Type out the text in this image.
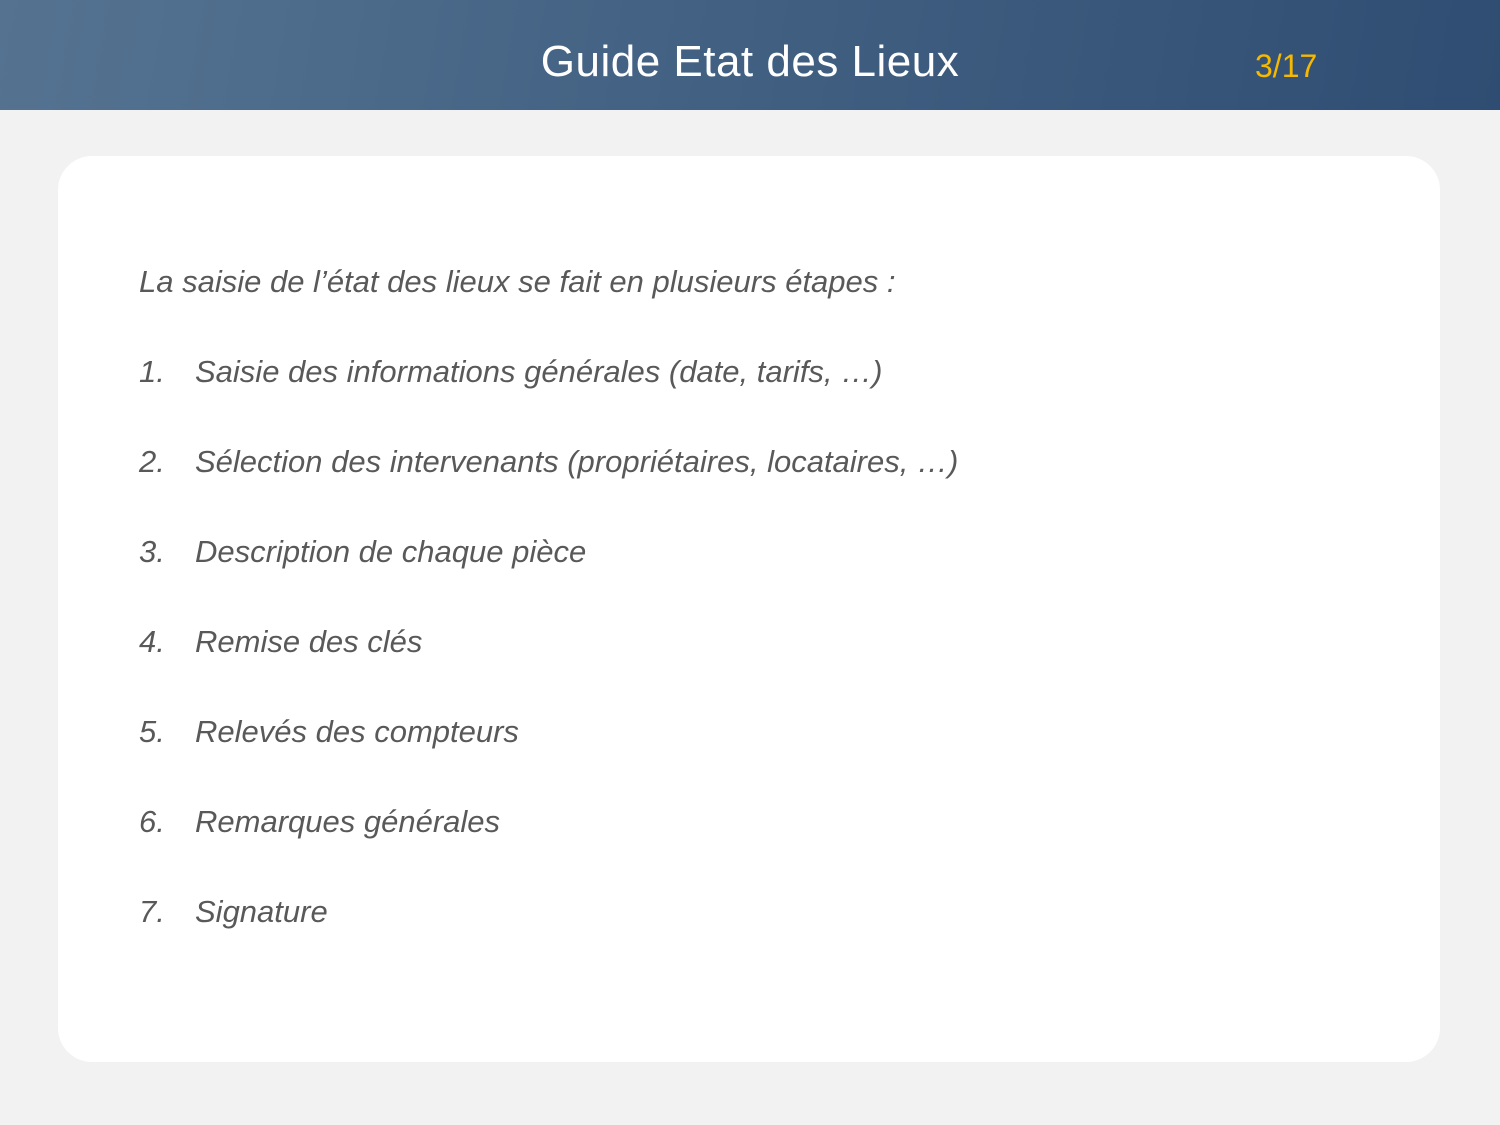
Guide Etat des Lieux	3/17
La saisie de l’état des lieux se fait en plusieurs étapes :
1. Saisie des informations générales (date, tarifs, …)
2. Sélection des intervenants (propriétaires, locataires, …)
3. Description de chaque pièce
4. Remise des clés
5. Relevés des compteurs
6. Remarques générales
7. Signature
